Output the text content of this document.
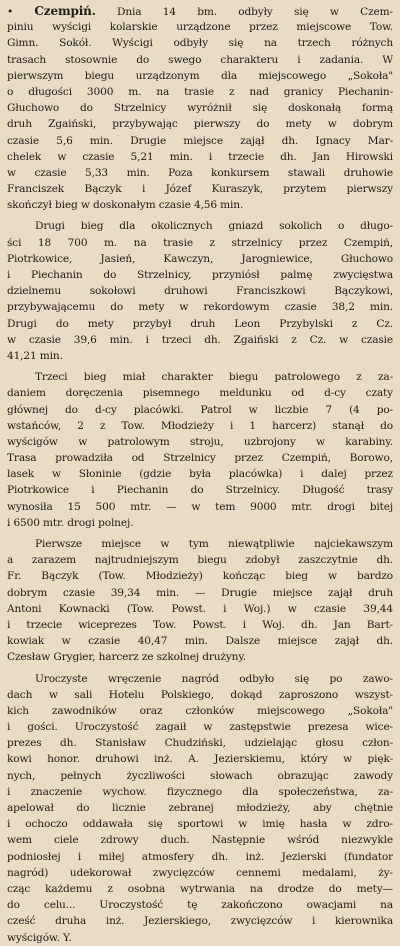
• Czempiń. Dnia 14 bm. odbyły się w Czem-
piniu wyścigi kolarskie urządzone przez miejscowe Tow.
Gimn. Sokół. Wyścigi odbyły się na trzech różnych
trasach stosownie do swego charakteru i zadania. W
pierwszym biegu urządzonym dla miejscowego „Sokoła"
o długości 3000 m. na trasie z nad granicy Piechanin-
Głuchowo do Strzelnicy wyróżnił się doskonałą formą
druh Zgaiński, przybywając pierwszy do mety w dobrym
czasie 5,6 min. Drugie miejsce zajął dh. Ignacy Mar-
chelek w czasie 5,21 min. i trzecie dh. Jan Hirowski
w czasie 5,33 min. Poza konkursem stawali druhowie
Franciszek Bączyk i Józef Kuraszyk, przytem pierwszy
skończył bieg w doskonałym czasie 4,56 min.
Drugi bieg dla okolicznych gniazd sokolich o długo-
ści 18 700 m. na trasie z strzelnicy przez Czempiń,
Piotrkowice, Jasień, Kawczyn, Jarogniewice, Głuchowo
i Piechanin do Strzelnicy, przyniósł palmę zwycięstwa
dzielnemu sokołowi druhowi Franciszkowi Bączykowi,
przybywającemu do mety w rekordowym czasie 38,2 min.
Drugi do mety przybył druh Leon Przybylski z Cz.
w czasie 39,6 min. i trzeci dh. Zgaiński z Cz. w czasie
41,21 min.
Trzeci bieg miał charakter biegu patrolowego z za-
daniem doręczenia pisemnego meldunku od d-cy czaty
głównej do d-cy placówki. Patrol w liczbie 7 (4 po-
wstańców, 2 z Tow. Młodzieży i 1 harcerz) stanął do
wyścigów w patrolowym stroju, uzbrojony w karabiny.
Trasa prowadziła od Strzelnicy przez Czempiń, Borowo,
lasek w Słoninie (gdzie była placówka) i dalej przez
Piotrkowice i Piechanin do Strzelnicy. Długość trasy
wynosiła 15 500 mtr. — w tem 9000 mtr. drogi bitej
i 6500 mtr. drogi polnej.
Pierwsze miejsce w tym niewątpliwie najciekawszym
a zarazem najtrudniejszym biegu zdobył zaszczytnie dh.
Fr. Bączyk (Tow. Młodzieży) kończąc bieg w bardzo
dobrym czasie 39,34 min. — Drugie miejsce zajął druh
Antoni Kownacki (Tow. Powst. i Woj.) w czasie 39,44
i trzecie wiceprezes Tow. Powst. i Woj. dh. Jan Bart-
kowiak w czasie 40,47 min. Dalsze miejsce zajął dh.
Czesław Grygier, harcerz ze szkolnej drużyny.
Uroczyste wręczenie nagród odbyło się po zawo-
dach w sali Hotelu Polskiego, dokąd zaproszono wszyst-
kich zawodników oraz członków miejscowego „Sokoła"
i gości. Uroczystość zagaił w zastępstwie prezesa wice-
prezes dh. Stanisław Chudziński, udzielając głosu człon-
kowi honor. druhowi inż. A. Jezierskiemu, który w pięk-
nych, pełnych życzliwości słowach obrazując zawody
i znaczenie wychow. fizycznego dla społeczeństwa, za-
apelował do licznie zebranej młodzieży, aby chętnie
i ochoczo oddawała się sportowi w imię hasła w zdro-
wem ciele zdrowy duch. Następnie wśród niezwykle
podniosłej i miłej atmosfery dh. inż. Jezierski (fundator
nagród) udekorował zwycięzców cennemi medalami, ży-
cząc każdemu z osobna wytrwania na drodze do mety—
do celu... Uroczystość tę zakończono owacjami na
cześć druha inż. Jezierskiego, zwycięzców i kierownika
wyścigów. Y.
